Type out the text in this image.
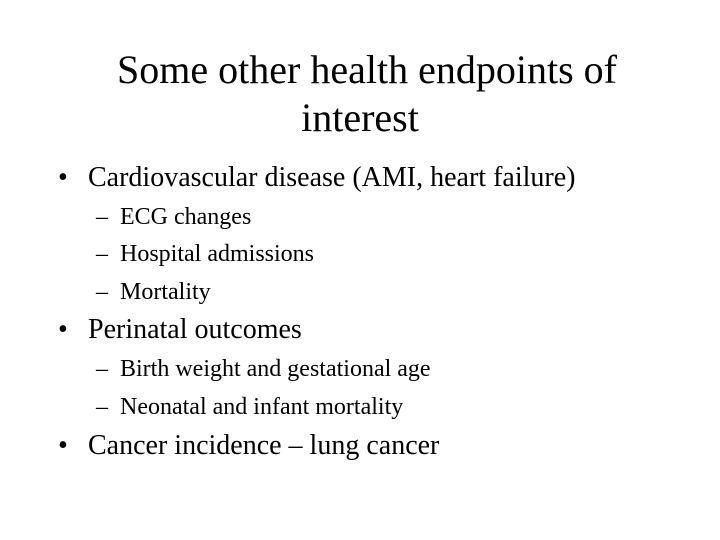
Some other health endpoints of
interest
• Cardiovascular disease (AMI, heart failure)
– ECG changes
– Hospital admissions
– Mortality
• Perinatal outcomes
– Birth weight and gestational age
– Neonatal and infant mortality
• Cancer incidence – lung cancer
